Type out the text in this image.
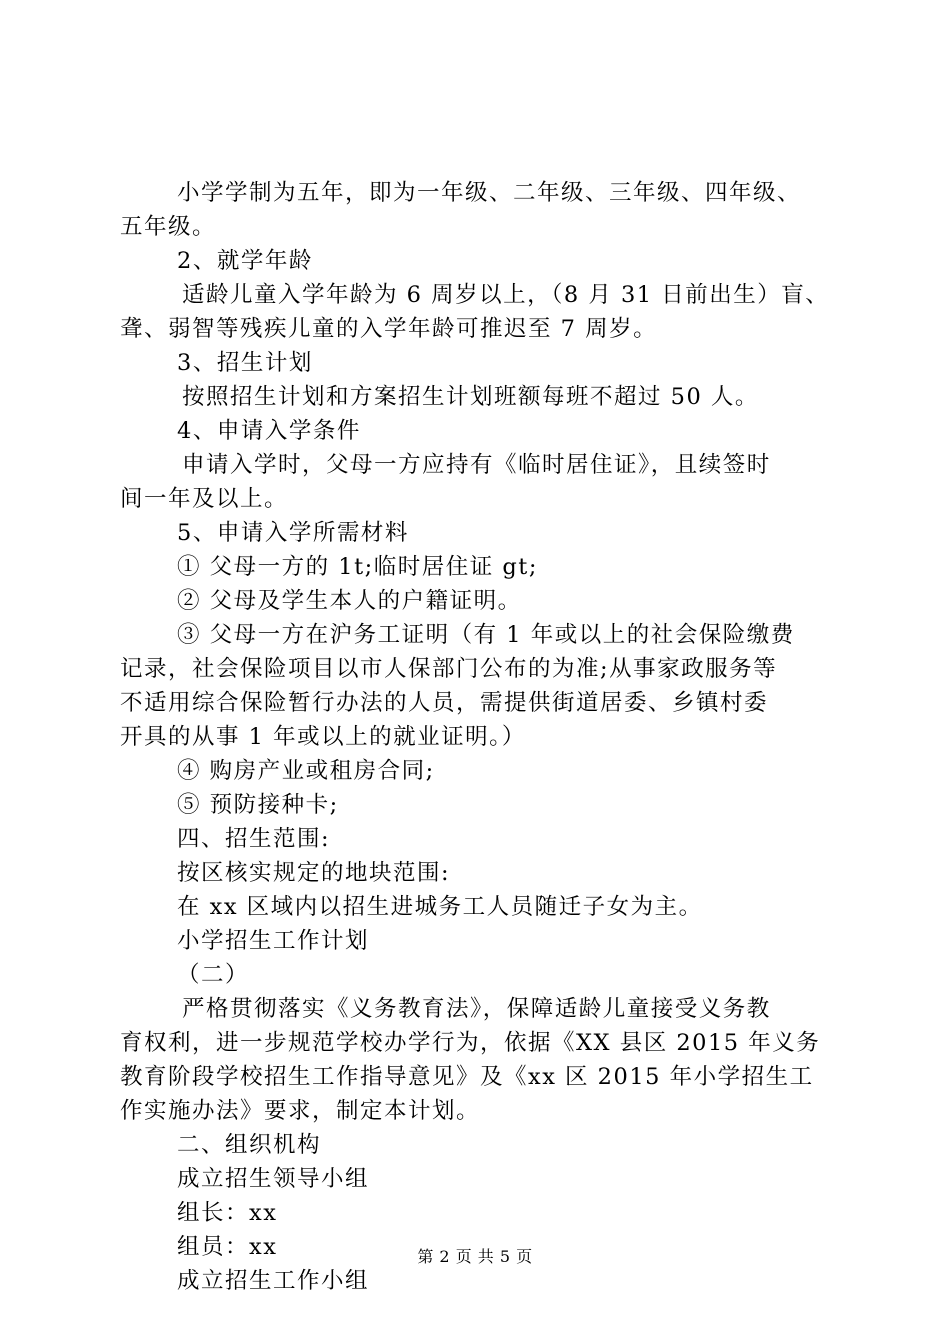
小学学制为五年，即为一年级、二年级、三年级、四年级、
五年级。
2、就学年龄
适龄儿童入学年龄为 6 周岁以上，（8 月 31 日前出生）盲、
聋、弱智等残疾儿童的入学年龄可推迟至 7 周岁。
3、招生计划
按照招生计划和方案招生计划班额每班不超过 50 人。
4、申请入学条件
申请入学时，父母一方应持有《临时居住证》，且续签时
间一年及以上。
5、申请入学所需材料
① 父母一方的 1t;临时居住证 gt;
② 父母及学生本人的户籍证明。
③ 父母一方在沪务工证明（有 1 年或以上的社会保险缴费
记录，社会保险项目以市人保部门公布的为准;从事家政服务等
不适用综合保险暂行办法的人员，需提供街道居委、乡镇村委
开具的从事 1 年或以上的就业证明。）
④ 购房产业或租房合同;
⑤ 预防接种卡;
四、招生范围:
按区核实规定的地块范围:
在 xx 区域内以招生进城务工人员随迁子女为主。
小学招生工作计划
（二）
严格贯彻落实《义务教育法》，保障适龄儿童接受义务教
育权利，进一步规范学校办学行为，依据《XX 县区 2015 年义务
教育阶段学校招生工作指导意见》及《xx 区 2015 年小学招生工
作实施办法》要求，制定本计划。
二、组织机构
成立招生领导小组
组长：xx
组员：xx
成立招生工作小组
第 2 页 共 5 页
